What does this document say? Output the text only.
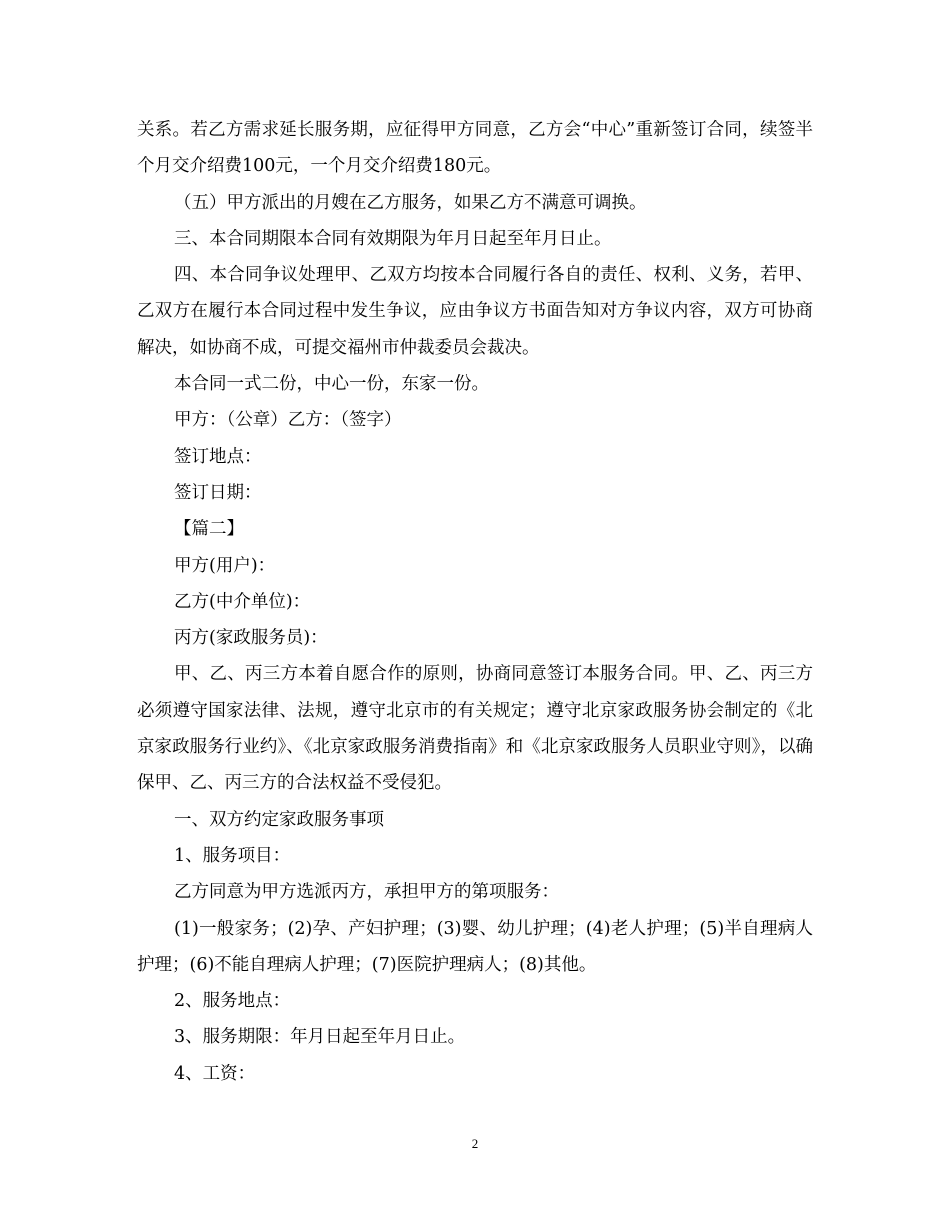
关系。若乙方需求延长服务期，应征得甲方同意，乙方会“中心”重新签订合同，续签半个月交介绍费100元，一个月交介绍费180元。

（五）甲方派出的月嫂在乙方服务，如果乙方不满意可调换。

三、本合同期限本合同有效期限为年月日起至年月日止。

四、本合同争议处理甲、乙双方均按本合同履行各自的责任、权利、义务，若甲、乙双方在履行本合同过程中发生争议，应由争议方书面告知对方争议内容，双方可协商解决，如协商不成，可提交福州市仲裁委员会裁决。

本合同一式二份，中心一份，东家一份。

甲方：（公章）乙方：（签字）

签订地点：

签订日期：

【篇二】

甲方(用户)：

乙方(中介单位)：

丙方(家政服务员)：

甲、乙、丙三方本着自愿合作的原则，协商同意签订本服务合同。甲、乙、丙三方必须遵守国家法律、法规，遵守北京市的有关规定；遵守北京家政服务协会制定的《北京家政服务行业约》、《北京家政服务消费指南》和《北京家政服务人员职业守则》，以确保甲、乙、丙三方的合法权益不受侵犯。

一、双方约定家政服务事项

1、服务项目：

乙方同意为甲方选派丙方，承担甲方的第项服务：

(1)一般家务；(2)孕、产妇护理；(3)婴、幼儿护理；(4)老人护理；(5)半自理病人护理；(6)不能自理病人护理；(7)医院护理病人；(8)其他。

2、服务地点：

3、服务期限：年月日起至年月日止。

4、工资：

2
